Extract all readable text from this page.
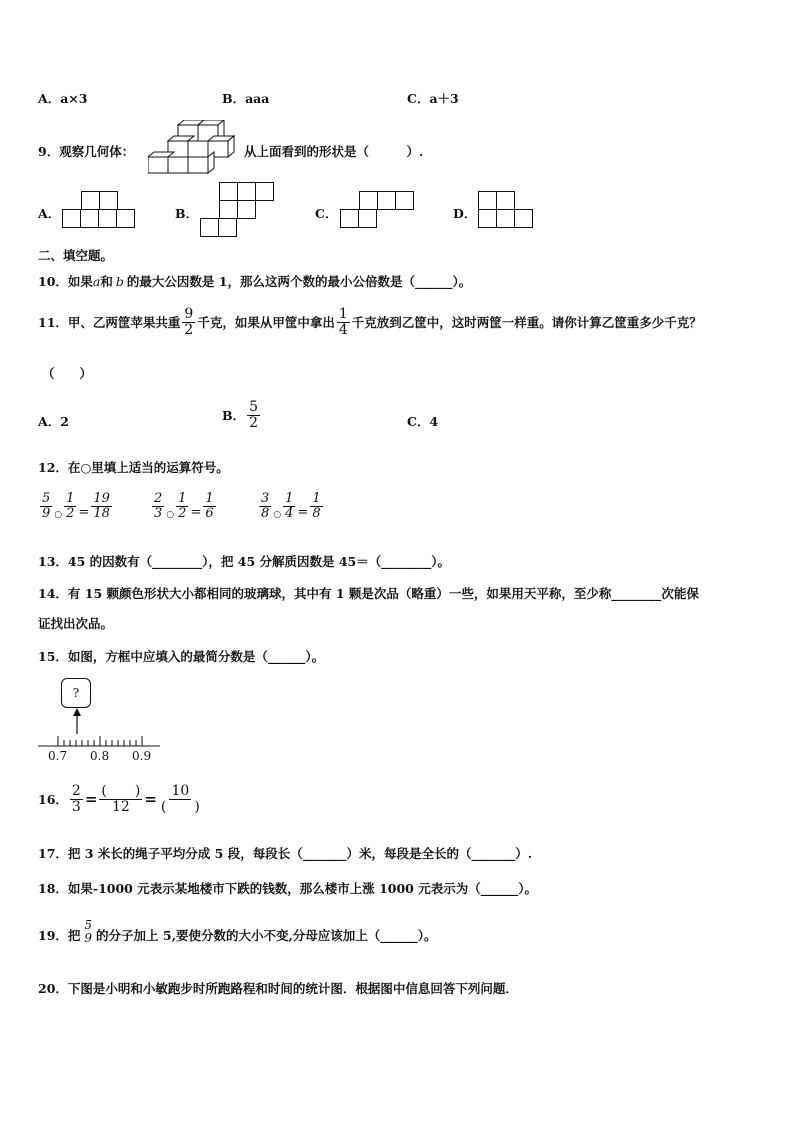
A．a×3	B．aaa	C．a＋3
9．观察几何体：	从上面看到的形状是（　　　）.
A．	B．	C．	D．
二、填空题。
10．如果a和 b 的最大公因数是 1，那么这两个数的最小公倍数是（______）。
11．甲、乙两筐苹果共重 $\frac{9}{2}$ 千克，如果从甲筐中拿出 $\frac{1}{4}$ 千克放到乙筐中，这时两筐一样重。请你计算乙筐重多少千克？
（　　）
A．2	B． $\frac{5}{2}$	C．4
12．在○里填上适当的运算符号。
$\frac{5}{9}$ ○ $\frac{1}{2} = \frac{19}{18}$	$\frac{2}{3}$ ○ $\frac{1}{2} = \frac{1}{6}$	$\frac{3}{8}$ ○ $\frac{1}{4} = \frac{1}{8}$
13．45 的因数有（________），把 45 分解质因数是 45＝（________）。
14．有 15 颗颜色形状大小都相同的玻璃球，其中有 1 颗是次品（略重）一些，如果用天平称，至少称________次能保
证找出次品。
15．如图，方框中应填入的最简分数是（______）。
?
0.7 0.8 0.9
16． $\frac{2}{3} = \frac{( )}{12} = \frac{10}{( )}$
17．把 3 米长的绳子平均分成 5 段，每段长（_______）米，每段是全长的（_______）.
18．如果-1000 元表示某地楼市下跌的钱数，那么楼市上涨 1000 元表示为（______）。
19．把
5
9 的分子加上 5,要使分数的大小不变,分母应该加上（______）。
20．下图是小明和小敏跑步时所跑路程和时间的统计图．根据图中信息回答下列问题．
